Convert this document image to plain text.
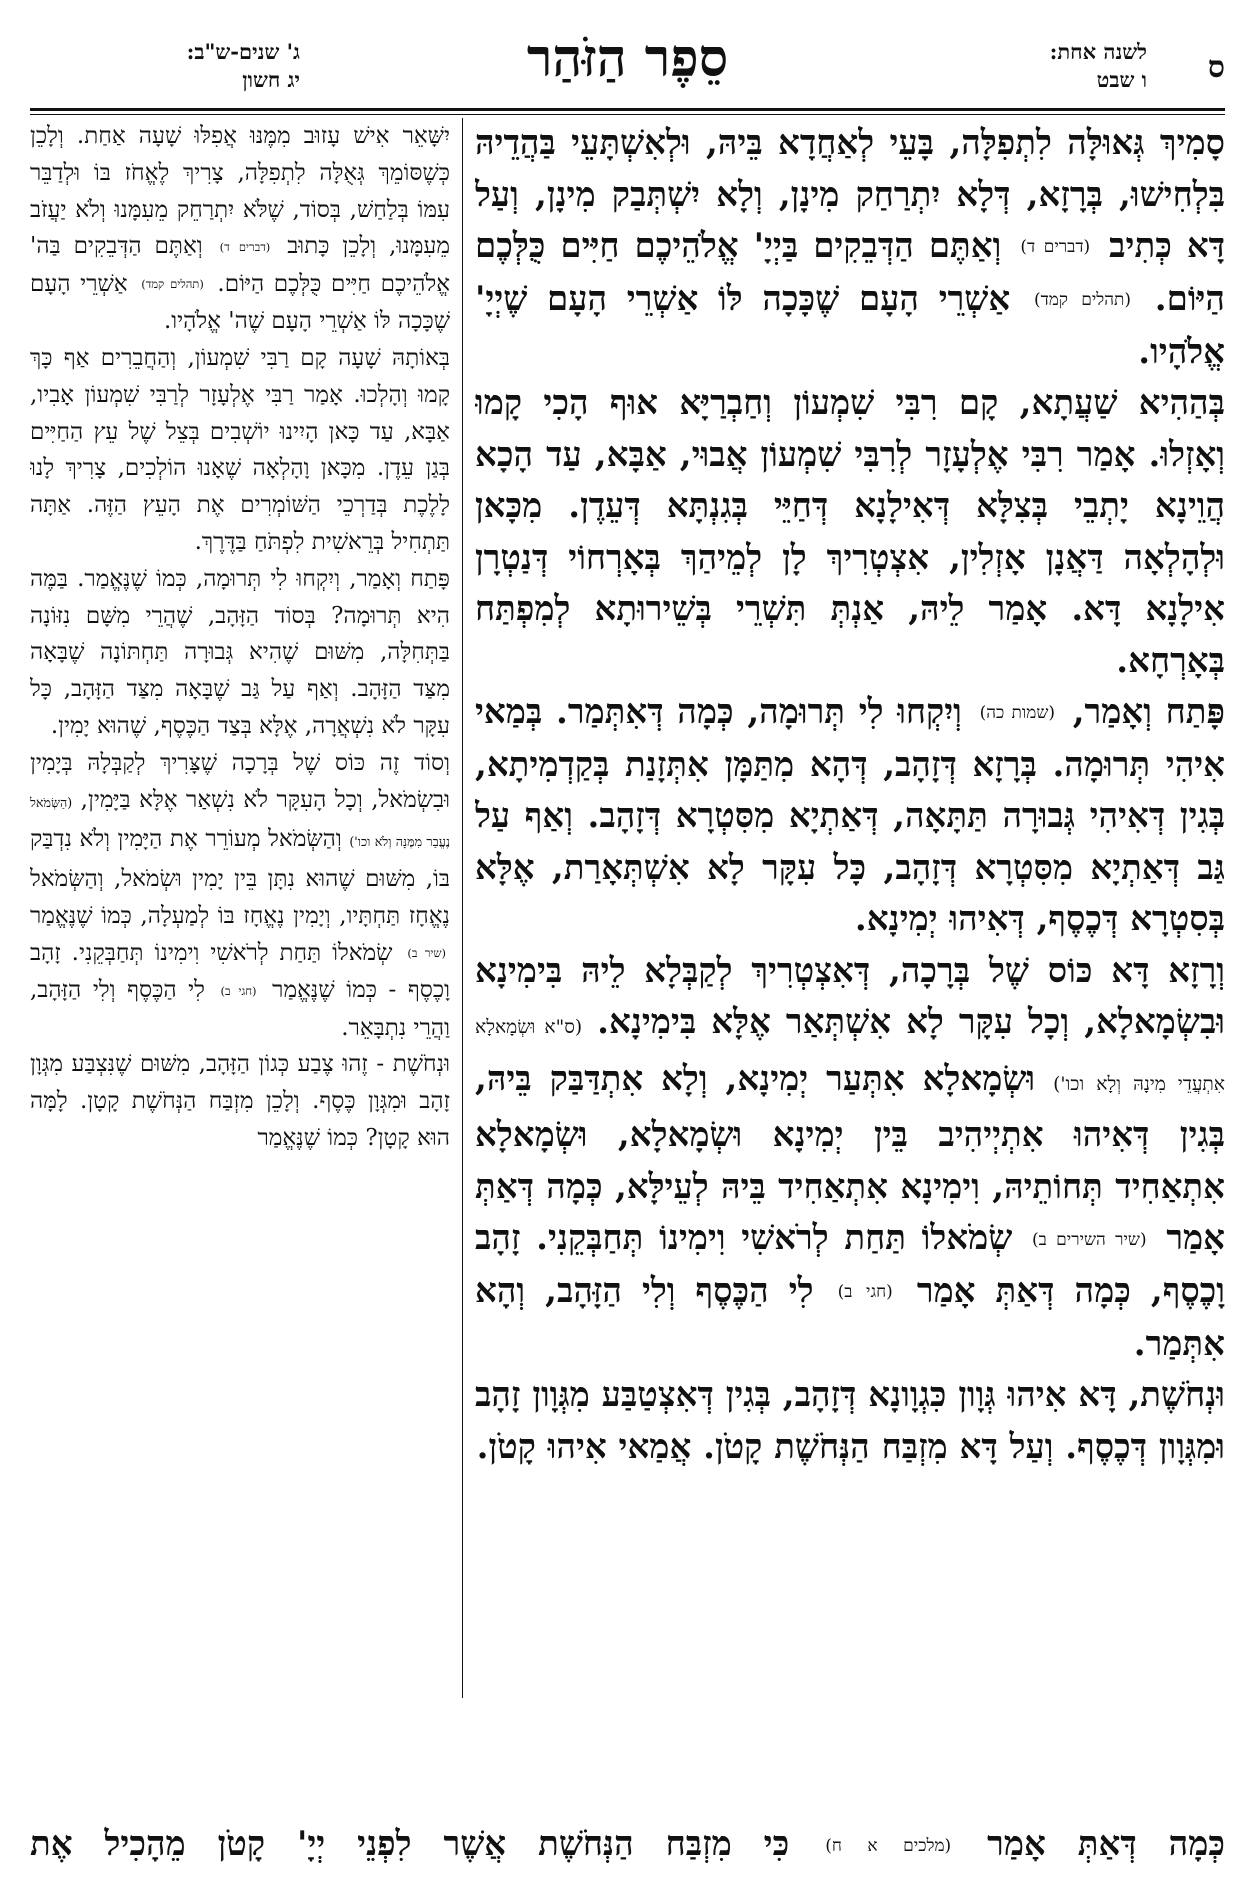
ס
לשנה אחת:
ו שבט
סֵפֶר הַזֹּהַר
ג' שנים-ש"ב:
יג חשון

סָמִיךְ גְּאוּלָּה לִתְפִלָּה, בָּעֵי לְאַחֲדָא בֵּיהּ, וּלְאִשְׁתָּעֵי בַּהֲדֵיהּ בִּלְחִישׁוּ, בְּרָזָא, דְּלָא יִתְרַחַק מִינָן, וְלָא יִשְׁתְּבַק מִינָן, וְעַל דָּא כְּתִיב (דברים ד) וְאַתֶּם הַדְּבֵקִים בַּיְיָ' אֱלֹהֵיכֶם חַיִּים כֻּלְּכֶם הַיּוֹם. (תהלים קמד) אַשְׁרֵי הָעָם שֶׁכָּכָה לּוֹ אַשְׁרֵי הָעָם שֶׁיְיָ' אֱלֹהָיו.

בְּהַהִיא שַׁעֲתָא, קָם רִבִּי שִׁמְעוֹן וְחַבְרַיָּא אוּף הָכִי קָמוּ וְאָזְלוּ. אָמַר רִבִּי אֶלְעָזָר לְרִבִּי שִׁמְעוֹן אֲבוּי, אַבָּא, עַד הָכָא הֲוֵינָא יָתְבֵי בְּצִלָּא דְּאִילָנָא דְּחַיֵּי בְּגִנְתָּא דְּעֵדֶן. מִכָּאן וּלְהָלְאָה דַּאֲנָן אָזְלִין, אִצְטְרִיךְ לָן לְמֵיהַךְ בְּאָרְחוֹי דְּנַטְרָן אִילָנָא דָּא. אָמַר לֵיהּ, אַנְתְּ תִּשְׁרֵי בְּשֵׁירוּתָא לְמִפְתַּח בְּאָרְחָא.

פָּתַח וְאָמַר, (שמות כה) וְיִקְחוּ לִי תְּרוּמָה, כְּמָה דְּאִתְּמַר. בְּמַאי אִיהִי תְּרוּמָה. בְּרָזָא דְּזָהָב, דְּהָא מִתַּמָּן אִתְּזָנַת בְּקַדְמִיתָא, בְּגִין דְּאִיהִי גְּבוּרָה תַּתָּאָה, דְּאַתְיָא מִסִּטְרָא דְּזָהָב. וְאַף עַל גַּב דְּאַתְיָא מִסִּטְרָא דְּזָהָב, כָּל עִקָּר לָא אִשְׁתְּאָרַת, אֶלָּא בְּסִטְרָא דְּכֶסֶף, דְּאִיהוּ יְמִינָא.

וְרָזָא דָּא כּוֹס שֶׁל בְּרָכָה, דְּאִצְטְרִיךְ לְקַבְּלָא לֵיהּ בִּימִינָא וּבִשְׂמָאלָא, וְכָל עִקָּר לָא אִשְׁתְּאַר אֶלָּא בִּימִינָא. (ס"א וּשְׂמָאלָא אִתְעֲדֵי מִינָהּ וְלָא וכו') וּשְׂמָאלָא אִתְּעַר יְמִינָא, וְלָא אִתְדַּבַּק בֵּיהּ, בְּגִין דְּאִיהוּ אִתְיְיהִיב בֵּין יְמִינָא וּשְׂמָאלָא, וּשְׂמָאלָא אִתְאַחִיד תְּחוֹתֵיהּ, וִימִינָא אִתְאַחִיד בֵּיהּ לְעֵילָּא, כְּמָה דְּאַתְּ אָמַר (שיר השירים ב) שְׂמֹאלוֹ תַּחַת לְרֹאשִׁי וִימִינוֹ תְּחַבְּקֵנִי. זָהָב וָכֶסֶף, כְּמָה דְּאַתְּ אָמַר (חגי ב) לִי הַכֶּסֶף וְלִי הַזָּהָב, וְהָא אִתְּמַר.

וּנְחֹשֶׁת, דָּא אִיהוּ גְּוָון כִּגְוָונָא דְּזָהָב, בְּגִין דְּאִצְטַבַּע מִגְּוָון זָהָב וּמִגְּוָון דְּכֶסֶף. וְעַל דָּא מִזְבַּח הַנְּחֹשֶׁת קָטֹן. אֲמַאי אִיהוּ קָטֹן.

יִשָּׁאֵר אִישׁ עָזוּב מִמֶּנּוּ אֲפִלּוּ שָׁעָה אַחַת. וְלָכֵן כְּשֶׁסּוֹמֵךְ גְּאֻלָּה לִתְפִלָּה, צָרִיךְ לֶאֱחֹז בּוֹ וּלְדַבֵּר עִמּוֹ בְּלַחַשׁ, בְּסוֹד, שֶׁלֹּא יִתְרַחֵק מֵעִמָּנוּ וְלֹא יַעֲזֹב מֵעִמָּנוּ, וְלָכֵן כָּתוּב (דברים ד) וְאַתֶּם הַדְּבֵקִים בַּה' אֱלֹהֵיכֶם חַיִּים כֻּלְּכֶם הַיּוֹם. (תהלים קמד) אַשְׁרֵי הָעָם שֶׁכָּכָה לּוֹ אַשְׁרֵי הָעָם שֶׁה' אֱלֹהָיו.

בְּאוֹתָהּ שָׁעָה קָם רַבִּי שִׁמְעוֹן, וְהַחֲבֵרִים אַף כָּךְ קָמוּ וְהָלְכוּ. אָמַר רַבִּי אֶלְעָזָר לְרַבִּי שִׁמְעוֹן אָבִיו, אַבָּא, עַד כָּאן הָיִינוּ יוֹשְׁבִים בְּצֵל שֶׁל עֵץ הַחַיִּים בְּגַן עֵדֶן. מִכָּאן וָהָלְאָה שֶׁאָנוּ הוֹלְכִים, צָרִיךְ לָנוּ לָלֶכֶת בְּדַרְכֵי הַשּׁוֹמְרִים אֶת הָעֵץ הַזֶּה. אַתָּה תַּתְחִיל בְּרֵאשִׁית לִפְתֹּחַ בַּדֶּרֶךְ.

פָּתַח וְאָמַר, וְיִקְחוּ לִי תְּרוּמָה, כְּמוֹ שֶׁנֶּאֱמַר. בַּמֶּה הִיא תְּרוּמָה? בְּסוֹד הַזָּהָב, שֶׁהֲרֵי מִשָּׁם נִזּוֹנָה בַּתְּחִלָּה, מִשּׁוּם שֶׁהִיא גְּבוּרָה תַּחְתּוֹנָה שֶׁבָּאָה מִצַּד הַזָּהָב. וְאַף עַל גַּב שֶׁבָּאָה מִצַּד הַזָּהָב, כָּל עִקָּר לֹא נִשְׁאֲרָה, אֶלָּא בְּצַד הַכֶּסֶף, שֶׁהוּא יָמִין.

וְסוֹד זֶה כּוֹס שֶׁל בְּרָכָה שֶׁצָּרִיךְ לְקַבְּלָהּ בְּיָמִין וּבִשְׂמֹאל, וְכָל הָעִקָּר לֹא נִשְׁאַר אֶלָּא בַּיָּמִין, (הַשְּׂמֹאל נֶעֱבַר מִמֶּנָּה וְלֹא וכו') וְהַשְּׂמֹאל מְעוֹרֵר אֶת הַיָּמִין וְלֹא נִדְבַּק בּוֹ, מִשּׁוּם שֶׁהוּא נִתָּן בֵּין יָמִין וּשְׂמֹאל, וְהַשְּׂמֹאל נֶאֱחָז תַּחְתָּיו, וְיָמִין נֶאֱחָז בּוֹ לְמַעְלָה, כְּמוֹ שֶׁנֶּאֱמַר (שיר ב) שְׂמֹאלוֹ תַּחַת לְרֹאשִׁי וִימִינוֹ תְּחַבְּקֵנִי. זָהָב וָכֶסֶף - כְּמוֹ שֶׁנֶּאֱמַר (חגי ב) לִי הַכֶּסֶף וְלִי הַזָּהָב, וַהֲרֵי נִתְבָּאֵר.

וּנְחֹשֶׁת - זֶהוּ צֶבַע כְּגוֹן הַזָּהָב, מִשּׁוּם שֶׁנִּצְבַּע מִגְּוָן זָהָב וּמִגְּוָן כֶּסֶף. וְלָכֵן מִזְבַּח הַנְּחֹשֶׁת קָטָן. לָמָּה הוּא קָטָן? כְּמוֹ שֶׁנֶּאֱמַר

כְּמָה דְּאַתְּ אָמַר (מלכים א ח) כִּי מִזְבַּח הַנְּחֹשֶׁת אֲשֶׁר לִפְנֵי יְיָ' קָטֹן מֵהָכִיל אֶת
